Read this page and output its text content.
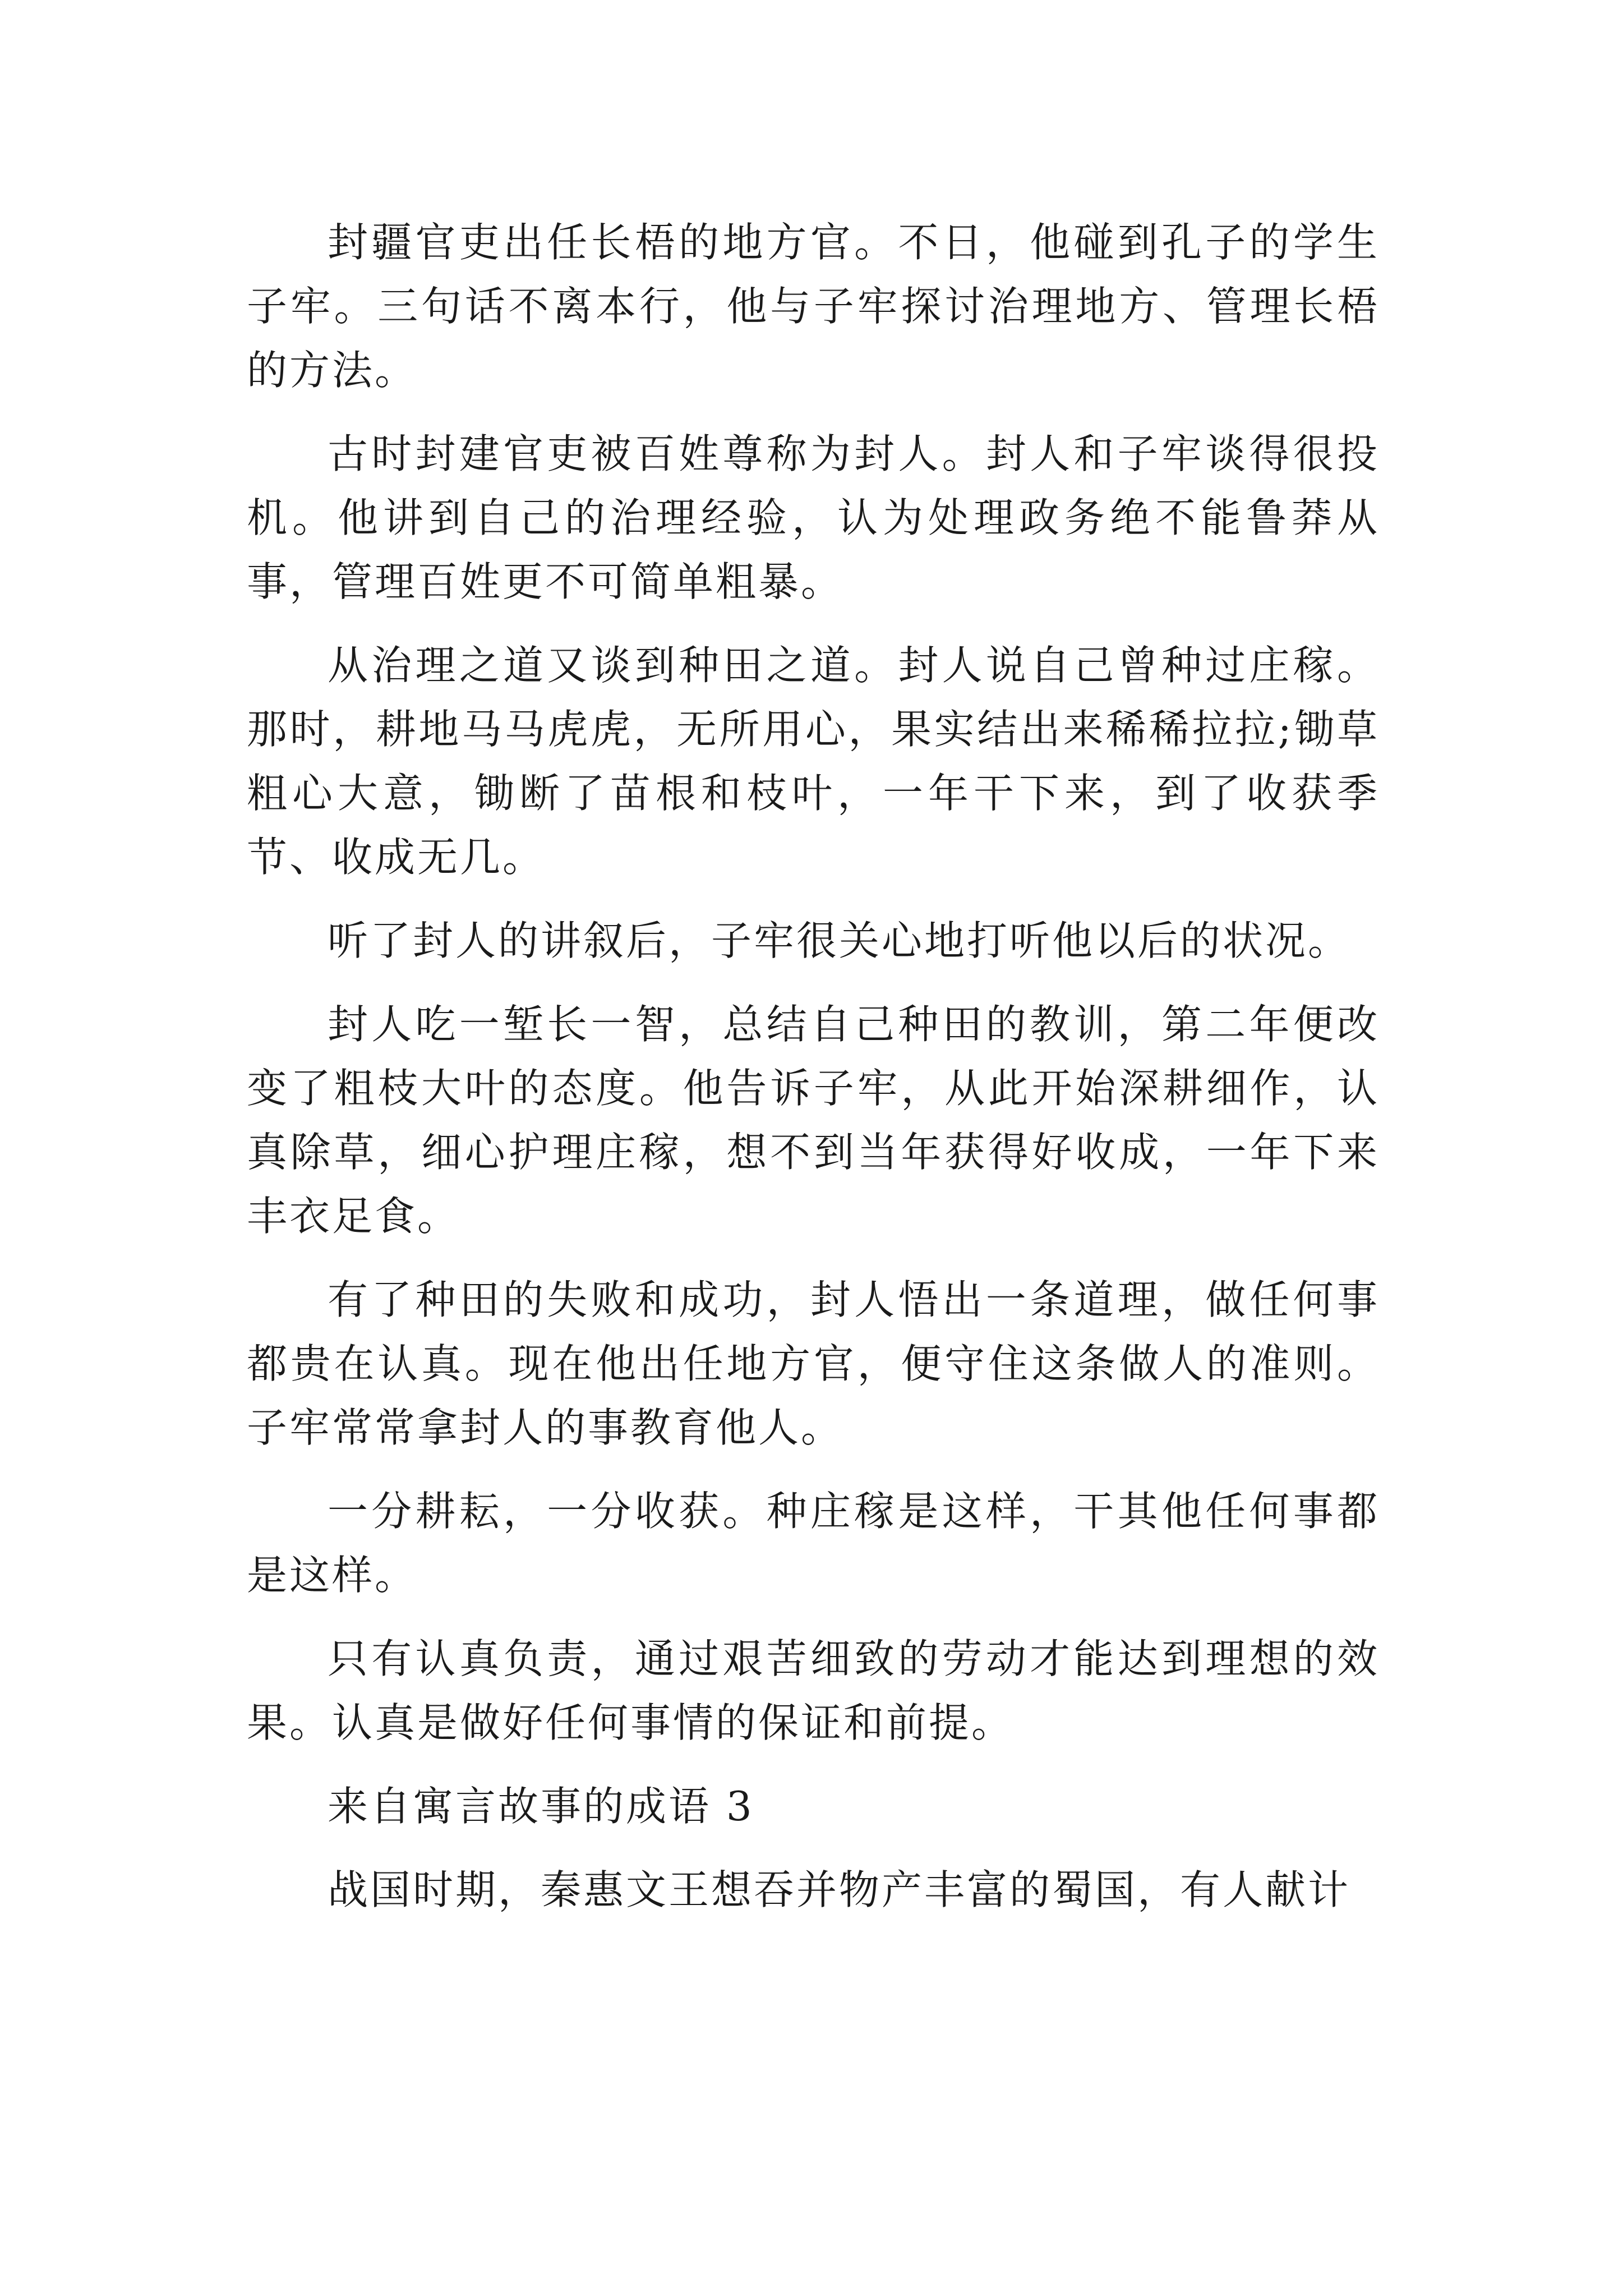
封疆官吏出任长梧的地方官。不日，他碰到孔子的学生子牢。三句话不离本行，他与子牢探讨治理地方、管理长梧的方法。

古时封建官吏被百姓尊称为封人。封人和子牢谈得很投机。他讲到自己的治理经验，认为处理政务绝不能鲁莽从事，管理百姓更不可简单粗暴。

从治理之道又谈到种田之道。封人说自己曾种过庄稼。那时，耕地马马虎虎，无所用心，果实结出来稀稀拉拉;锄草粗心大意，锄断了苗根和枝叶，一年干下来，到了收获季节、收成无几。

听了封人的讲叙后，子牢很关心地打听他以后的状况。

封人吃一堑长一智，总结自己种田的教训，第二年便改变了粗枝大叶的态度。他告诉子牢，从此开始深耕细作，认真除草，细心护理庄稼，想不到当年获得好收成，一年下来丰衣足食。

有了种田的失败和成功，封人悟出一条道理，做任何事都贵在认真。现在他出任地方官，便守住这条做人的准则。子牢常常拿封人的事教育他人。

一分耕耘，一分收获。种庄稼是这样，干其他任何事都是这样。

只有认真负责，通过艰苦细致的劳动才能达到理想的效果。认真是做好任何事情的保证和前提。

来自寓言故事的成语 3

战国时期，秦惠文王想吞并物产丰富的蜀国，有人献计
